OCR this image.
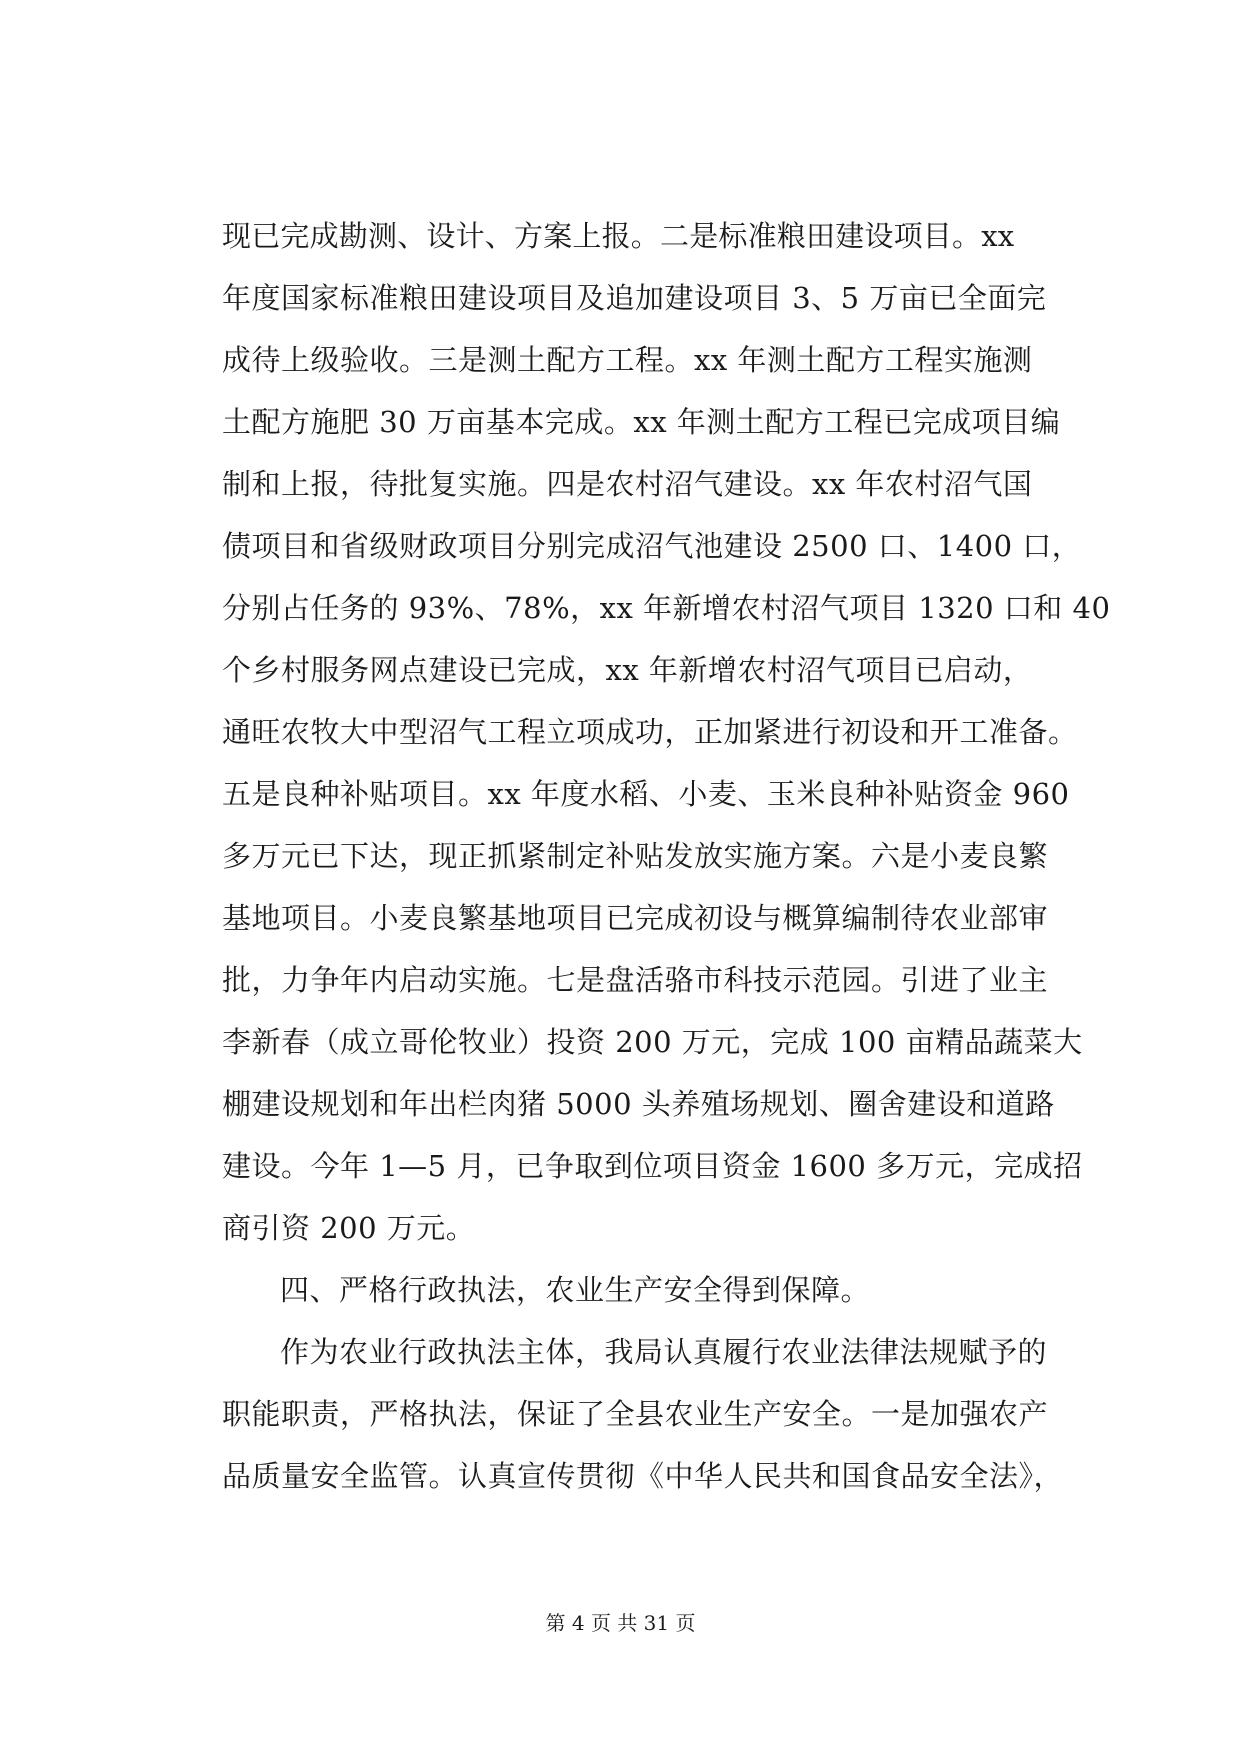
现已完成勘测、设计、方案上报。二是标准粮田建设项目。xx
年度国家标准粮田建设项目及追加建设项目 3、5 万亩已全面完
成待上级验收。三是测土配方工程。xx 年测土配方工程实施测
土配方施肥 30 万亩基本完成。xx 年测土配方工程已完成项目编
制和上报，待批复实施。四是农村沼气建设。xx 年农村沼气国
债项目和省级财政项目分别完成沼气池建设 2500 口、1400 口，
分别占任务的 93%、78%，xx 年新增农村沼气项目 1320 口和 40
个乡村服务网点建设已完成，xx 年新增农村沼气项目已启动，
通旺农牧大中型沼气工程立项成功，正加紧进行初设和开工准备。
五是良种补贴项目。xx 年度水稻、小麦、玉米良种补贴资金 960
多万元已下达，现正抓紧制定补贴发放实施方案。六是小麦良繁
基地项目。小麦良繁基地项目已完成初设与概算编制待农业部审
批，力争年内启动实施。七是盘活骆市科技示范园。引进了业主
李新春（成立哥伦牧业）投资 200 万元，完成 100 亩精品蔬菜大
棚建设规划和年出栏肉猪 5000 头养殖场规划、圈舍建设和道路
建设。今年 1—5 月，已争取到位项目资金 1600 多万元，完成招
商引资 200 万元。
四、严格行政执法，农业生产安全得到保障。
作为农业行政执法主体，我局认真履行农业法律法规赋予的
职能职责，严格执法，保证了全县农业生产安全。一是加强农产
品质量安全监管。认真宣传贯彻《中华人民共和国食品安全法》，
第 4 页 共 31 页
